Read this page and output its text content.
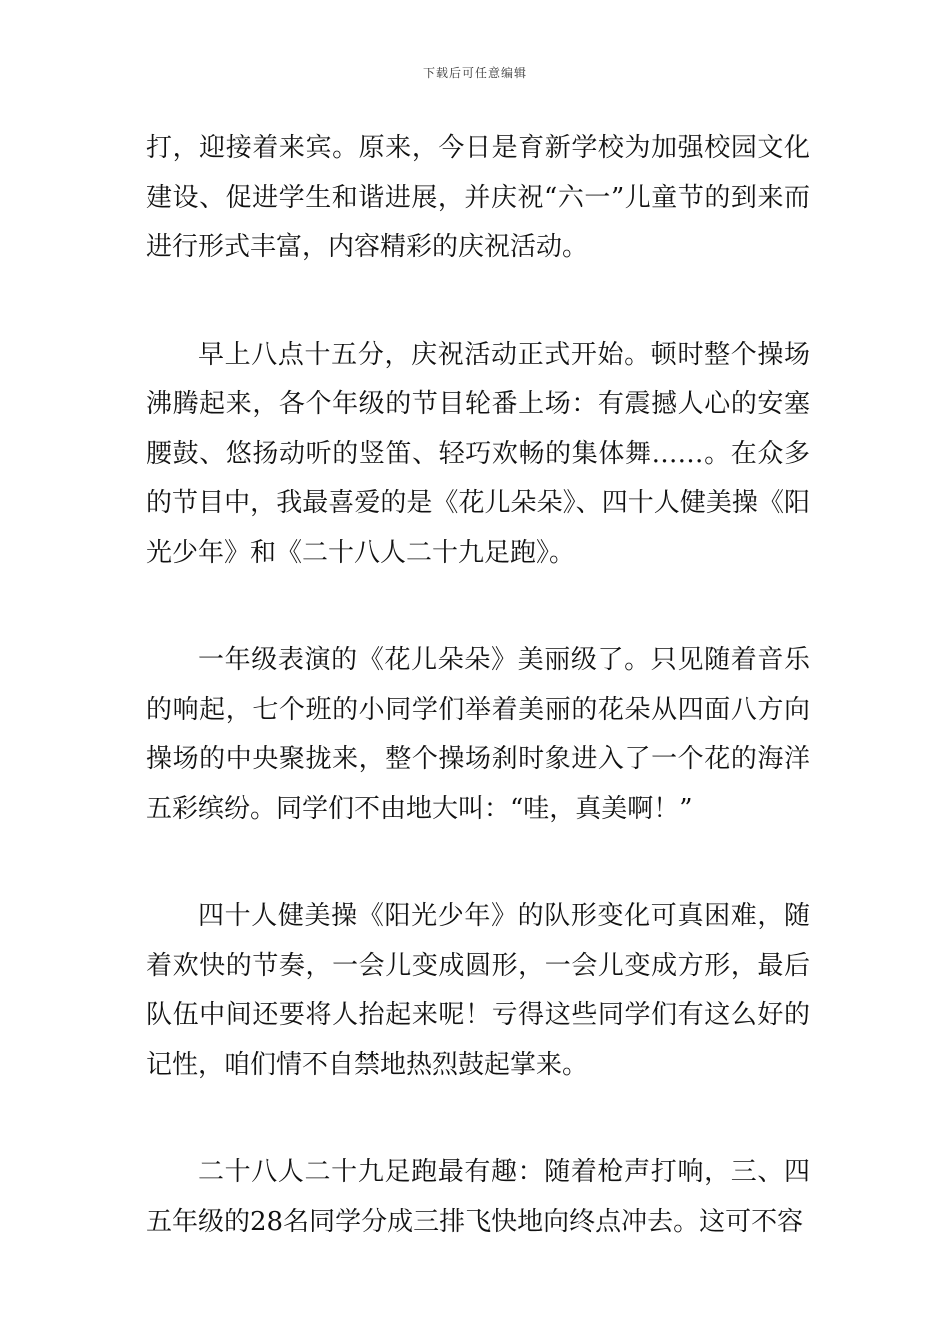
下载后可任意编辑

打，迎接着来宾。原来，今日是育新学校为加强校园文化建设、促进学生和谐进展，并庆祝“六一”儿童节的到来而进行形式丰富，内容精彩的庆祝活动。

早上八点十五分，庆祝活动正式开始。顿时整个操场沸腾起来，各个年级的节目轮番上场：有震撼人心的安塞腰鼓、悠扬动听的竖笛、轻巧欢畅的集体舞……。在众多的节目中，我最喜爱的是《花儿朵朵》、四十人健美操《阳光少年》和《二十八人二十九足跑》。

一年级表演的《花儿朵朵》美丽级了。只见随着音乐的响起，七个班的小同学们举着美丽的花朵从四面八方向操场的中央聚拢来，整个操场刹时象进入了一个花的海洋五彩缤纷。同学们不由地大叫：“哇，真美啊！”

四十人健美操《阳光少年》的队形变化可真困难，随着欢快的节奏，一会儿变成圆形，一会儿变成方形，最后队伍中间还要将人抬起来呢！亏得这些同学们有这么好的记性，咱们情不自禁地热烈鼓起掌来。

二十八人二十九足跑最有趣：随着枪声打响，三、四五年级的28名同学分成三排飞快地向终点冲去。这可不容
